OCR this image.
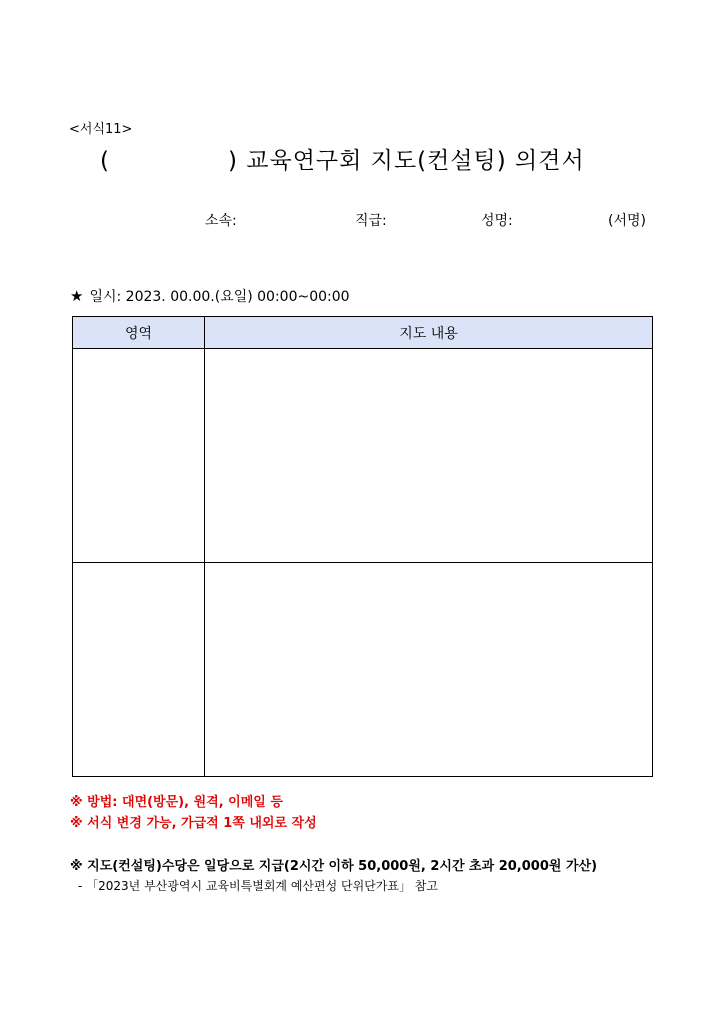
<서식11>
(	) 교육연구회 지도(컨설팅) 의견서
소속:	직급:	성명:	(서명)
★ 일시: 2023. 00.00.(요일) 00:00~00:00
영역	지도 내용

※ 방법: 대면(방문), 원격, 이메일 등
※ 서식 변경 가능, 가급적 1쪽 내외로 작성
※ 지도(컨설팅)수당은 일당으로 지급(2시간 이하 50,000원, 2시간 초과 20,000원 가산)
- 「2023년 부산광역시 교육비특별회계 예산편성 단위단가표」 참고
